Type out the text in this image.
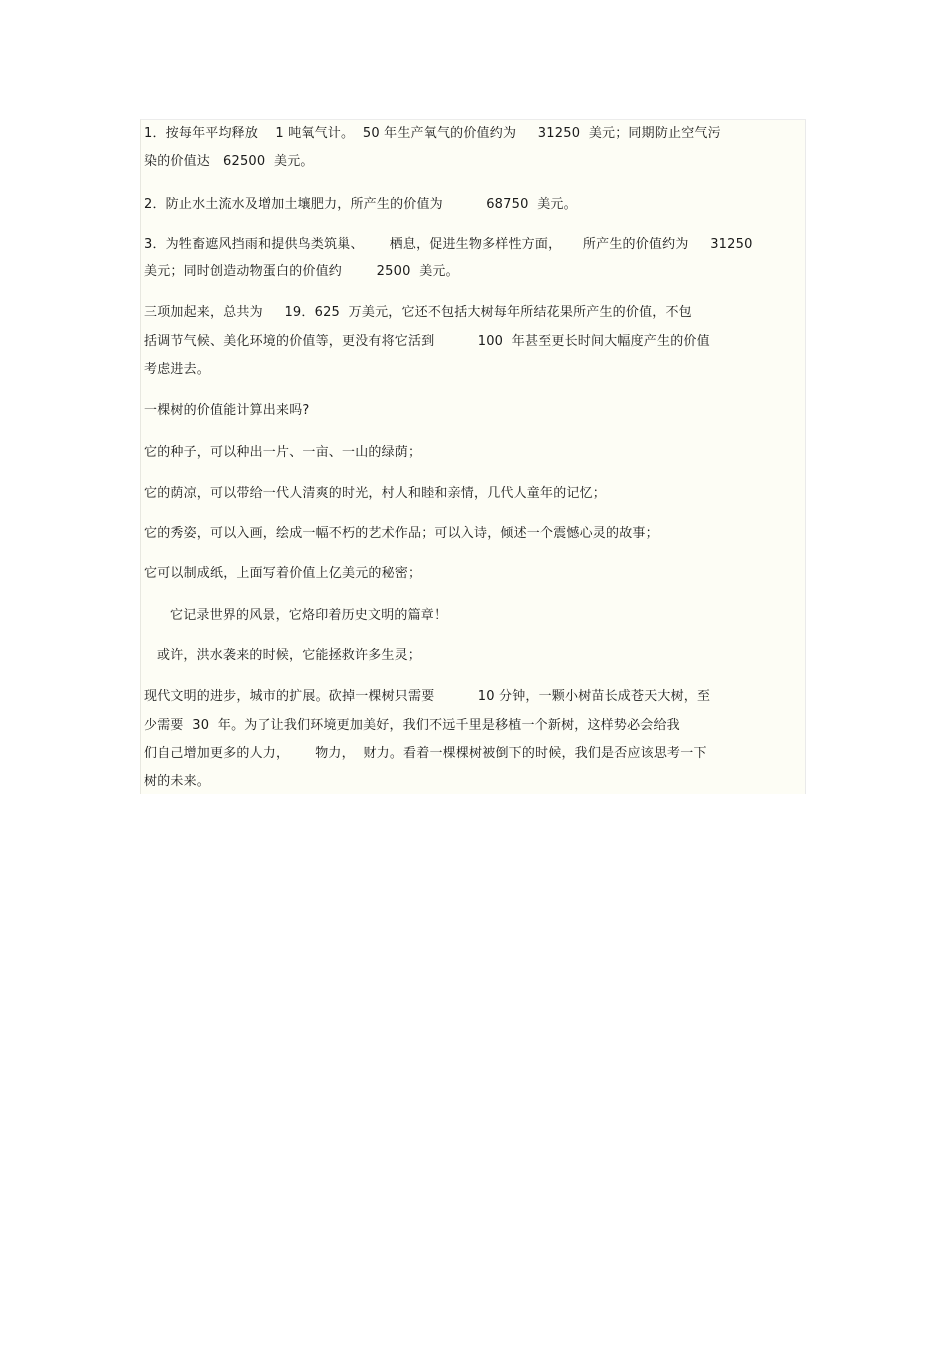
1．按每年平均释放    1 吨氧气计。  50 年生产氧气的价值约为     31250  美元；同期防止空气污
染的价值达   62500  美元。
2．防止水土流水及增加土壤肥力，所产生的价值为          68750  美元。
3．为牲畜遮风挡雨和提供鸟类筑巢、      栖息，促进生物多样性方面，     所产生的价值约为     31250
美元；同时创造动物蛋白的价值约        2500  美元。
三项加起来，总共为     19．625  万美元，它还不包括大树每年所结花果所产生的价值，不包
括调节气候、美化环境的价值等，更没有将它活到          100  年甚至更长时间大幅度产生的价值
考虑进去。
一棵树的价值能计算出来吗?
它的种子，可以种出一片、一亩、一山的绿荫；
它的荫凉，可以带给一代人清爽的时光，村人和睦和亲情，几代人童年的记忆；
它的秀姿，可以入画，绘成一幅不朽的艺术作品；可以入诗，倾述一个震憾心灵的故事；
它可以制成纸，上面写着价值上亿美元的秘密；
它记录世界的风景，它烙印着历史文明的篇章！
或许，洪水袭来的时候，它能拯救许多生灵；
现代文明的进步，城市的扩展。砍掉一棵树只需要          10 分钟，一颗小树苗长成苍天大树，至
少需要  30  年。为了让我们环境更加美好，我们不远千里是移植一个新树，这样势必会给我
们自己增加更多的人力，      物力，  财力。看着一棵棵树被倒下的时候，我们是否应该思考一下
树的未来。
